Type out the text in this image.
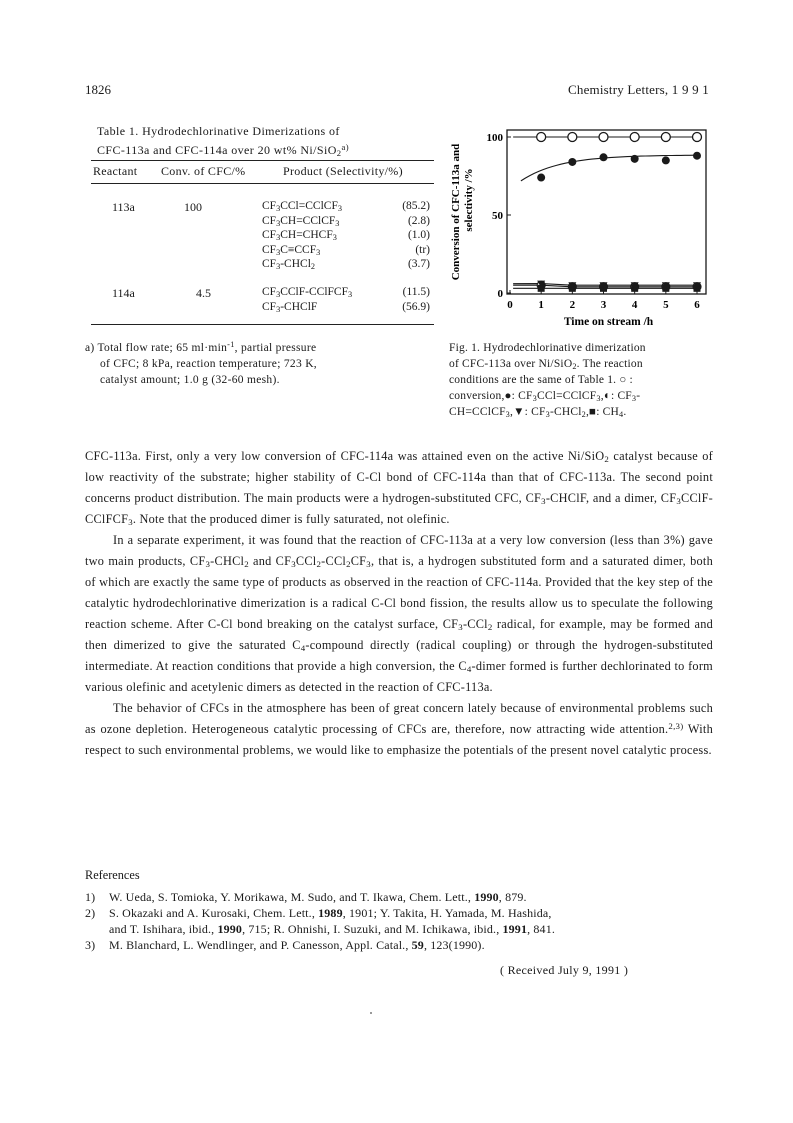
1826	Chemistry Letters, 1 9 9 1
Table 1. Hydrodechlorinative Dimerizations of
CFC-113a and CFC-114a over 20 wt% Ni/SiO$_2^{a)}$
Reactant Conv. of CFC/%	Product (Selectivity/%)
113a	100	$CF_3CCl=CClCF_3$	(85.2)
$CF_3CH=CClCF_3$	(2.8)
$CF_3CH=CHCF_3$	(1.0)
$CF_3C\equiv CCF_3$	(tr)
$CF_3-CHCl_2$	(3.7)
114a	4.5	$CF_3CClF-CClFCF_3$	(11.5)
$CF_3$-CHClF	(56.9)
a) Total flow rate; 65 $ml\cdot\min^{-1}$, partial pressure
of CFC; 8 kPa, reaction temperature; 723 K,
catalyst amount; 1.0 g (32-60 mesh).
0 1 2 3 4 5 6
0
50
100
Time on stream /h
Conversion of CFC-113a and selectivity /%
Fig. 1. Hydrodechlorinative dimerization
of CFC-113a over Ni/SiO$_2$. The reaction
conditions are the same of Table 1. ○ :
conversion,●: $CF_3CCl=CClCF_3,◐$: $CF_3-$
CH=CClCF$_3$,▼: $CF_3-CHCl_2,■$: $CH_4$.

CFC-113a. First, only a very low conversion of CFC-114a was attained even on the active Ni/SiO$_2$ catalyst because of low reactivity of the substrate; higher stability of C-Cl bond of CFC-114a than that of CFC-113a. The second point concerns product distribution. The main products were a hydrogen-substituted CFC, $CF_3$-CHClF, and a dimer, $CF_3CClF-CClFCF_3$. Note that the produced dimer is fully saturated, not olefinic.

In a separate experiment, it was found that the reaction of CFC-113a at a very low conversion (less than 3%) gave two main products, $CF_3-CHCl_2$ and $CF_3CCl_2-CCl_2CF_3$, that is, a hydrogen substituted form and a saturated dimer, both of which are exactly the same type of products as observed in the reaction of CFC-114a. Provided that the key step of the catalytic hydrodechlorinative dimerization is a radical C-Cl bond fission, the results allow us to speculate the following reaction scheme. After C-Cl bond breaking on the catalyst surface, $CF_3-CCl_2$ radical, for example, may be formed and then dimerized to give the saturated $C_4$-compound directly (radical coupling) or through the hydrogen-substituted intermediate. At reaction conditions that provide a high conversion, the $C_4$-dimer formed is further dechlorinated to form various olefinic and acetylenic dimers as detected in the reaction of CFC-113a.

The behavior of CFCs in the atmosphere has been of great concern lately because of environmental problems such as ozone depletion. Heterogeneous catalytic processing of CFCs are, therefore, now attracting wide attention.$^{2,3)}$ With respect to such environmental problems, we would like to emphasize the potentials of the present novel catalytic process.

References
1) W. Ueda, S. Tomioka, Y. Morikawa, M. Sudo, and T. Ikawa, Chem. Lett., 1990, 879.
2) S. Okazaki and A. Kurosaki, Chem. Lett., 1989, 1901; Y. Takita, H. Yamada, M. Hashida,
and T. Ishihara, ibid., 1990, 715; R. Ohnishi, I. Suzuki, and M. Ichikawa, ibid., 1991, 841.
3) M. Blanchard, L. Wendlinger, and P. Canesson, Appl. Catal., 59, 123(1990).
( Received July 9, 1991 )
